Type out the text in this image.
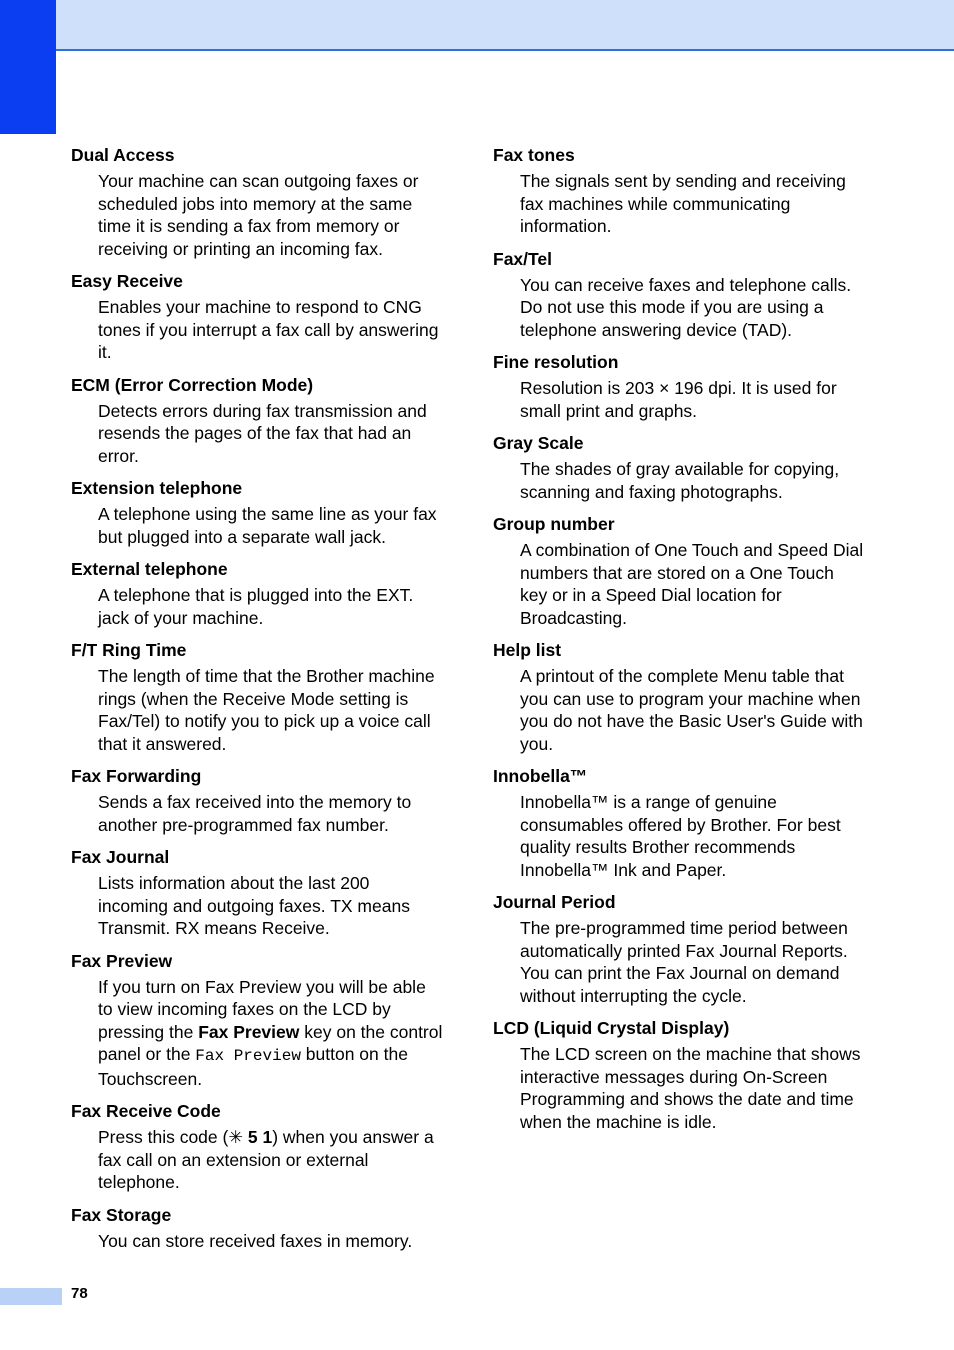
Dual Access
Your machine can scan outgoing faxes or scheduled jobs into memory at the same time it is sending a fax from memory or receiving or printing an incoming fax.
Easy Receive
Enables your machine to respond to CNG tones if you interrupt a fax call by answering it.
ECM (Error Correction Mode)
Detects errors during fax transmission and resends the pages of the fax that had an error.
Extension telephone
A telephone using the same line as your fax but plugged into a separate wall jack.
External telephone
A telephone that is plugged into the EXT. jack of your machine.
F/T Ring Time
The length of time that the Brother machine rings (when the Receive Mode setting is Fax/Tel) to notify you to pick up a voice call that it answered.
Fax Forwarding
Sends a fax received into the memory to another pre-programmed fax number.
Fax Journal
Lists information about the last 200 incoming and outgoing faxes. TX means Transmit. RX means Receive.
Fax Preview
If you turn on Fax Preview you will be able to view incoming faxes on the LCD by pressing the Fax Preview key on the control panel or the Fax Preview button on the Touchscreen.
Fax Receive Code
Press this code (✳ 5 1) when you answer a fax call on an extension or external telephone.
Fax Storage
You can store received faxes in memory.
Fax tones
The signals sent by sending and receiving fax machines while communicating information.
Fax/Tel
You can receive faxes and telephone calls. Do not use this mode if you are using a telephone answering device (TAD).
Fine resolution
Resolution is 203 × 196 dpi. It is used for small print and graphs.
Gray Scale
The shades of gray available for copying, scanning and faxing photographs.
Group number
A combination of One Touch and Speed Dial numbers that are stored on a One Touch key or in a Speed Dial location for Broadcasting.
Help list
A printout of the complete Menu table that you can use to program your machine when you do not have the Basic User's Guide with you.
Innobella™
Innobella™ is a range of genuine consumables offered by Brother. For best quality results Brother recommends Innobella™ Ink and Paper.
Journal Period
The pre-programmed time period between automatically printed Fax Journal Reports. You can print the Fax Journal on demand without interrupting the cycle.
LCD (Liquid Crystal Display)
The LCD screen on the machine that shows interactive messages during On-Screen Programming and shows the date and time when the machine is idle.
78
